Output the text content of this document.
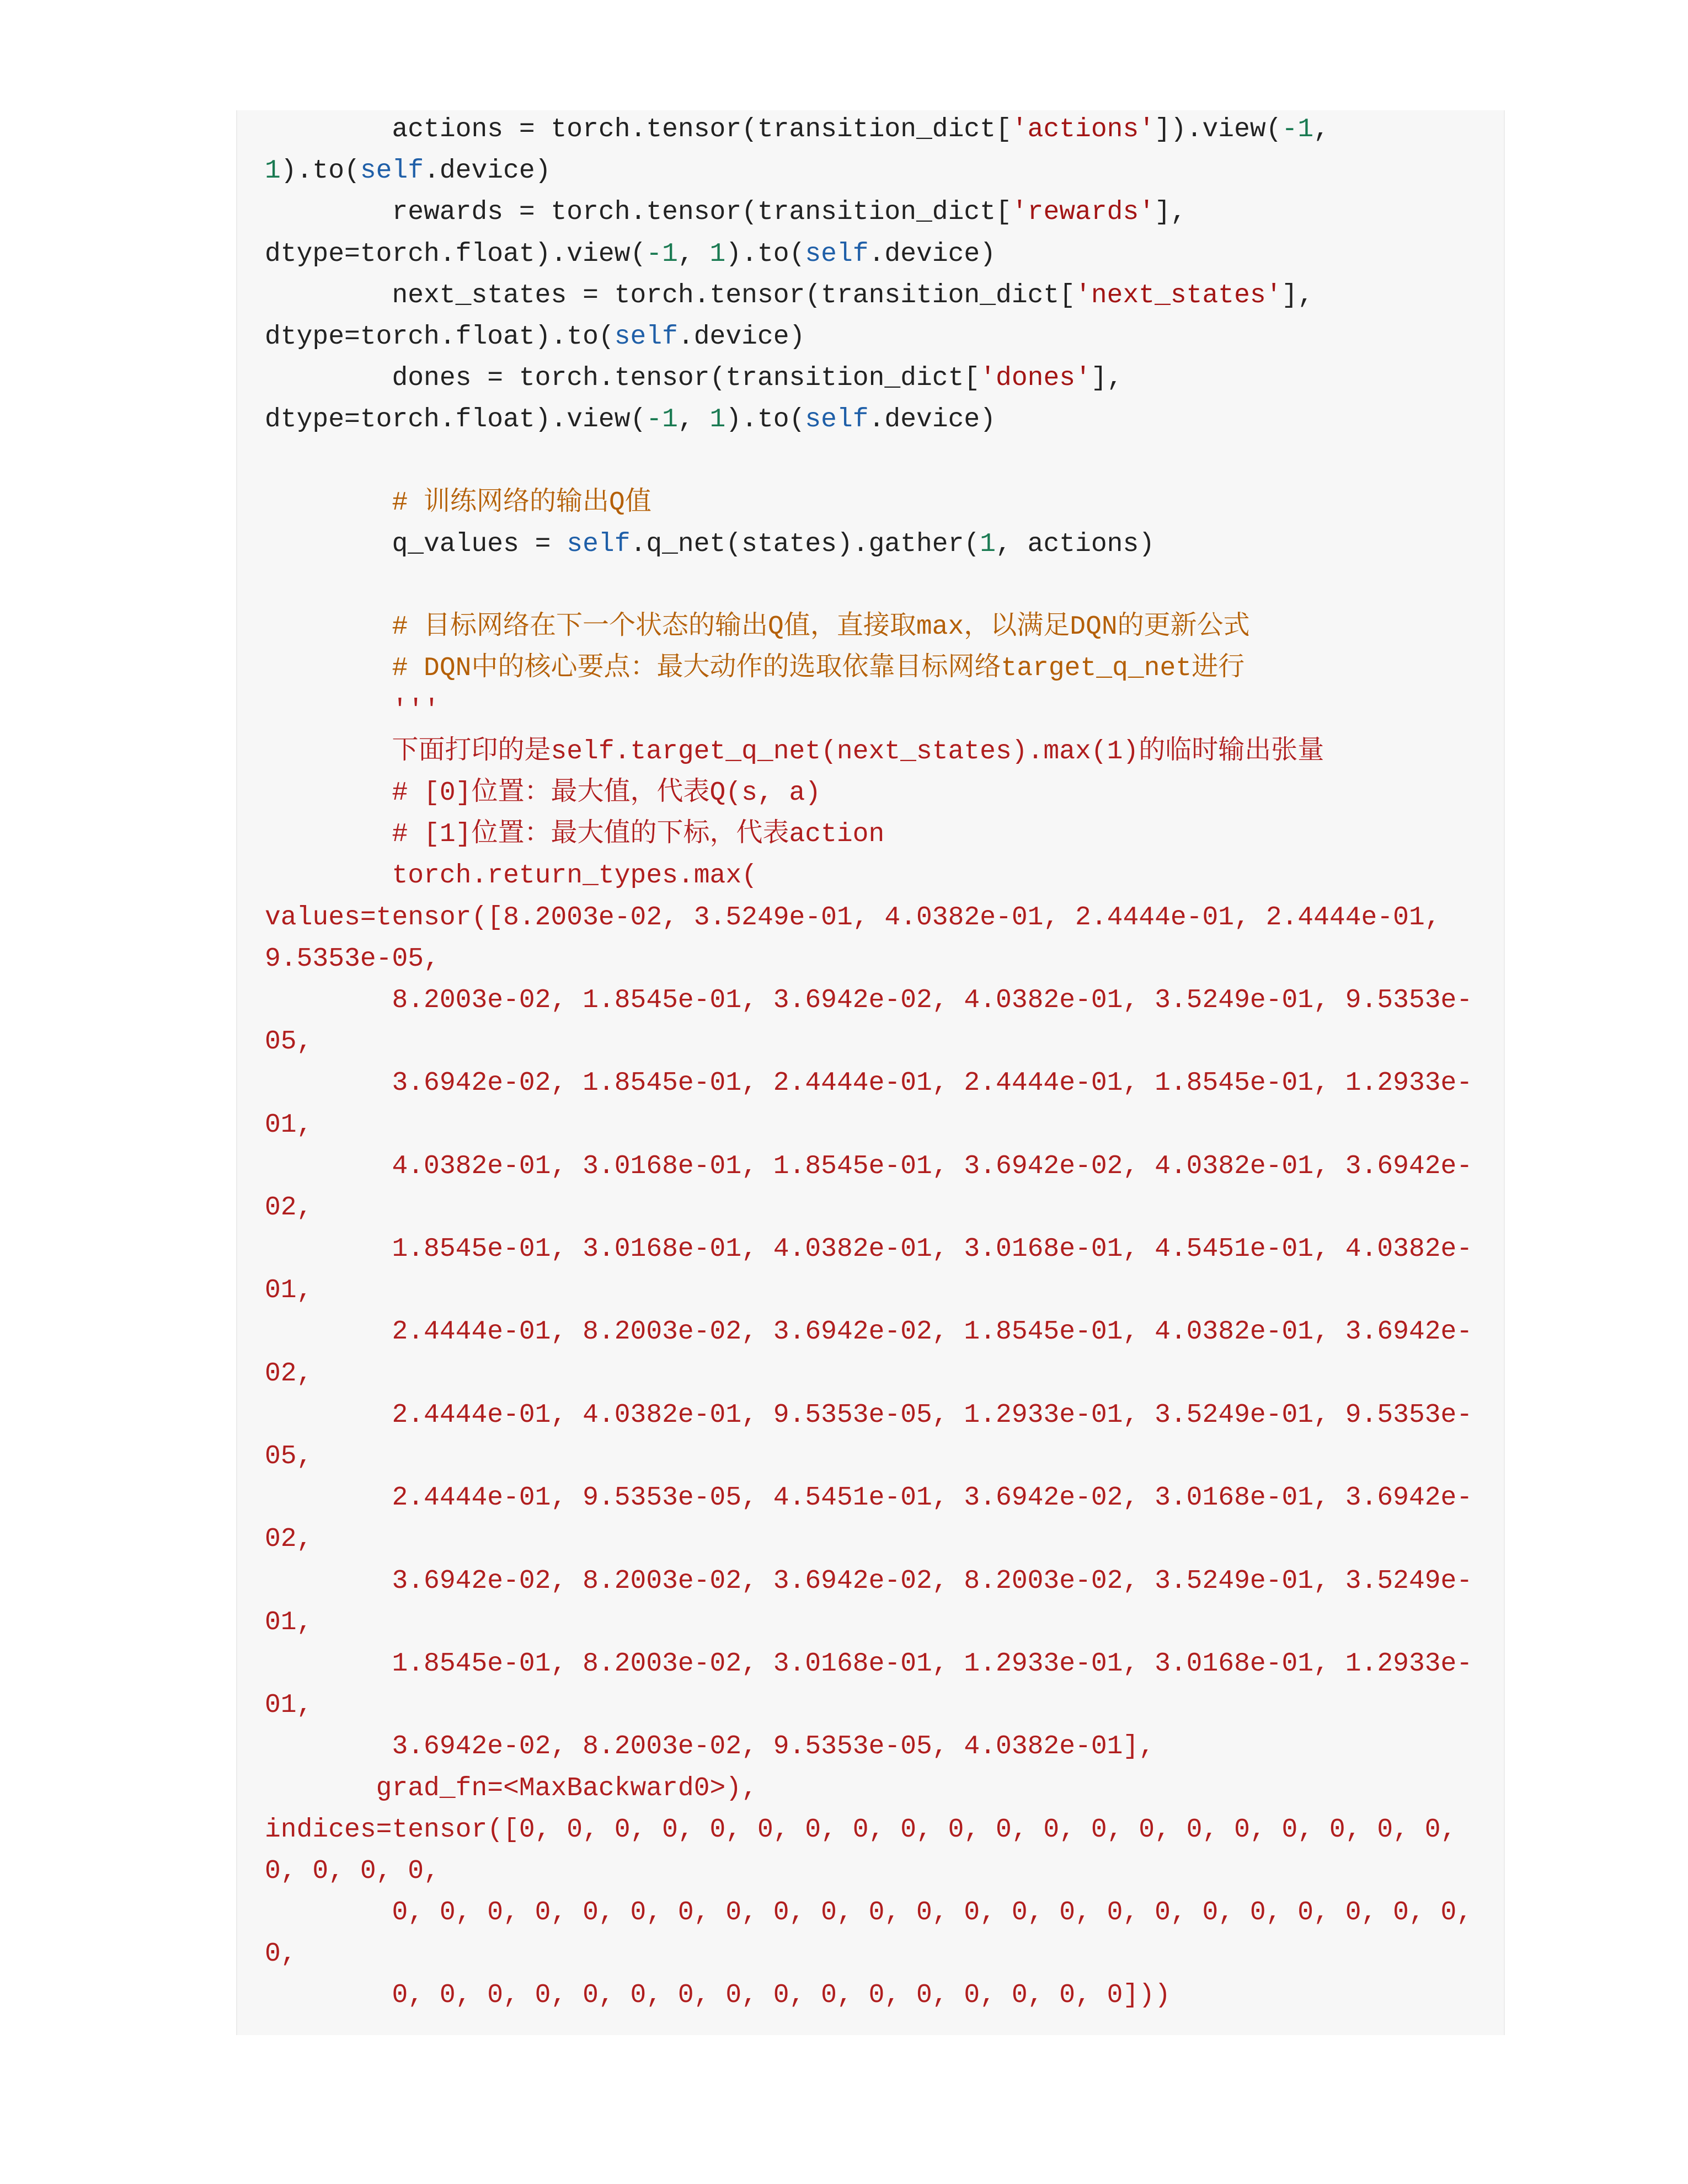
actions = torch.tensor(transition_dict['actions']).view(-1,
1).to(self.device)
rewards = torch.tensor(transition_dict['rewards'],
dtype=torch.float).view(-1, 1).to(self.device)
next_states = torch.tensor(transition_dict['next_states'],
dtype=torch.float).to(self.device)
dones = torch.tensor(transition_dict['dones'],
dtype=torch.float).view(-1, 1).to(self.device)
# 训练网络的输出Q值
q_values = self.q_net(states).gather(1, actions)
# 目标网络在下一个状态的输出Q值，直接取max，以满足DQN的更新公式
# DQN中的核心要点：最大动作的选取依靠目标网络target_q_net进行
'''
下面打印的是self.target_q_net(next_states).max(1)的临时输出张量
# [0]位置：最大值，代表Q(s, a)
# [1]位置：最大值的下标，代表action
torch.return_types.max(
values=tensor([8.2003e-02, 3.5249e-01, 4.0382e-01, 2.4444e-01, 2.4444e-01,
9.5353e-05,
8.2003e-02, 1.8545e-01, 3.6942e-02, 4.0382e-01, 3.5249e-01, 9.5353e-
05,
3.6942e-02, 1.8545e-01, 2.4444e-01, 2.4444e-01, 1.8545e-01, 1.2933e-
01,
4.0382e-01, 3.0168e-01, 1.8545e-01, 3.6942e-02, 4.0382e-01, 3.6942e-
02,
1.8545e-01, 3.0168e-01, 4.0382e-01, 3.0168e-01, 4.5451e-01, 4.0382e-
01,
2.4444e-01, 8.2003e-02, 3.6942e-02, 1.8545e-01, 4.0382e-01, 3.6942e-
02,
2.4444e-01, 4.0382e-01, 9.5353e-05, 1.2933e-01, 3.5249e-01, 9.5353e-
05,
2.4444e-01, 9.5353e-05, 4.5451e-01, 3.6942e-02, 3.0168e-01, 3.6942e-
02,
3.6942e-02, 8.2003e-02, 3.6942e-02, 8.2003e-02, 3.5249e-01, 3.5249e-
01,
1.8545e-01, 8.2003e-02, 3.0168e-01, 1.2933e-01, 3.0168e-01, 1.2933e-
01,
3.6942e-02, 8.2003e-02, 9.5353e-05, 4.0382e-01],
grad_fn=<MaxBackward0>),
indices=tensor([0, 0, 0, 0, 0, 0, 0, 0, 0, 0, 0, 0, 0, 0, 0, 0, 0, 0, 0, 0,
0, 0, 0, 0,
0, 0, 0, 0, 0, 0, 0, 0, 0, 0, 0, 0, 0, 0, 0, 0, 0, 0, 0, 0, 0, 0, 0,
0,
0, 0, 0, 0, 0, 0, 0, 0, 0, 0, 0, 0, 0, 0, 0, 0]))
